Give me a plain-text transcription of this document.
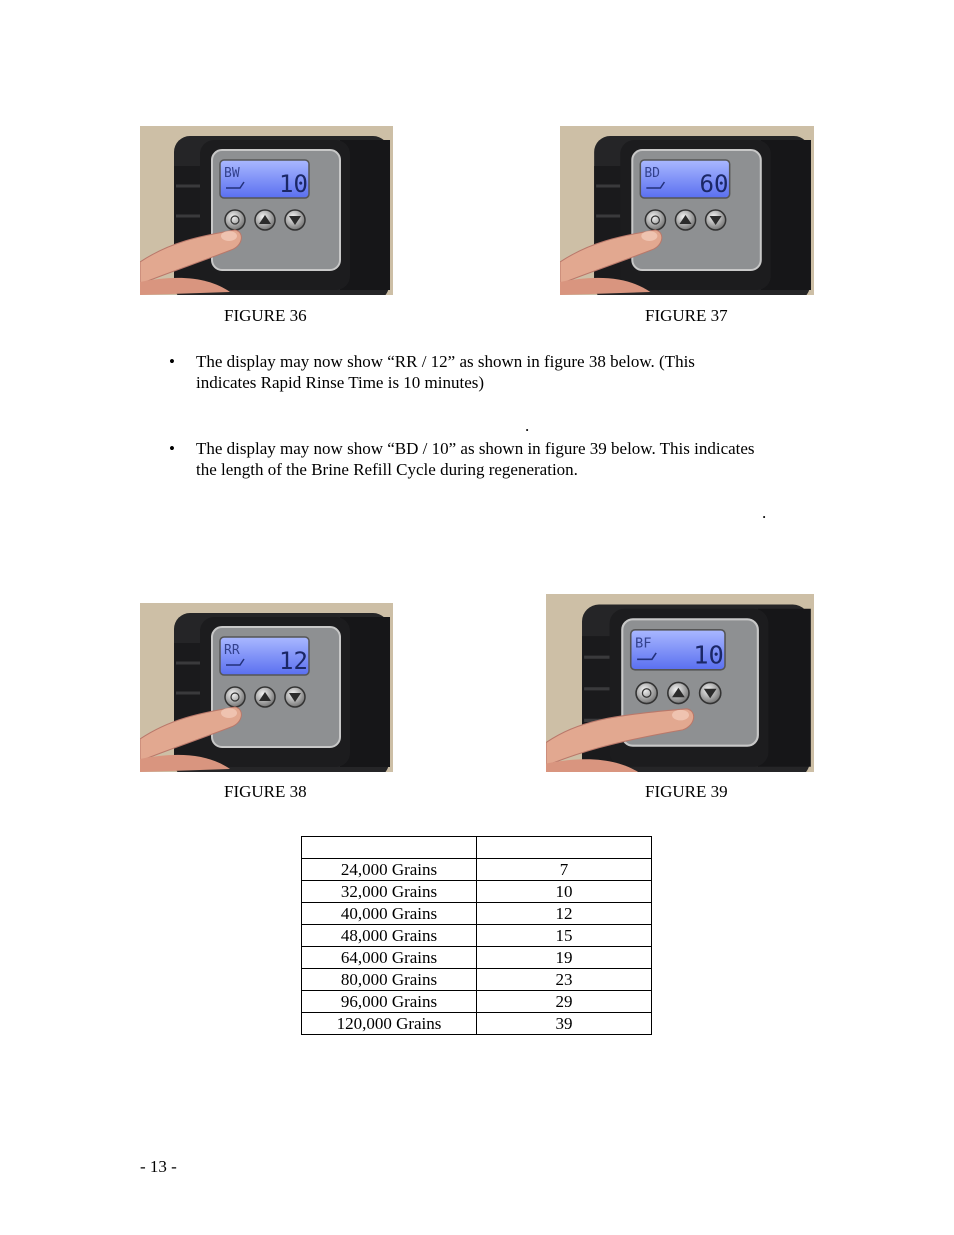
BW 10	BD 60
RR 12
BF 10
FIGURE 36	FIGURE 37
• The display may now show “RR / 12” as shown in figure 38 below. (This
indicates Rapid Rinse Time is 10 minutes)
.
• The display may now show “BD / 10” as shown in figure 39 below. This indicates
the length of the Brine Refill Cycle during regeneration.
.
FIGURE 38	FIGURE 39

24,000 Grains	7
32,000 Grains	10
40,000 Grains	12
48,000 Grains	15
64,000 Grains	19
80,000 Grains	23
96,000 Grains	29
120,000 Grains	39
- 13 -
